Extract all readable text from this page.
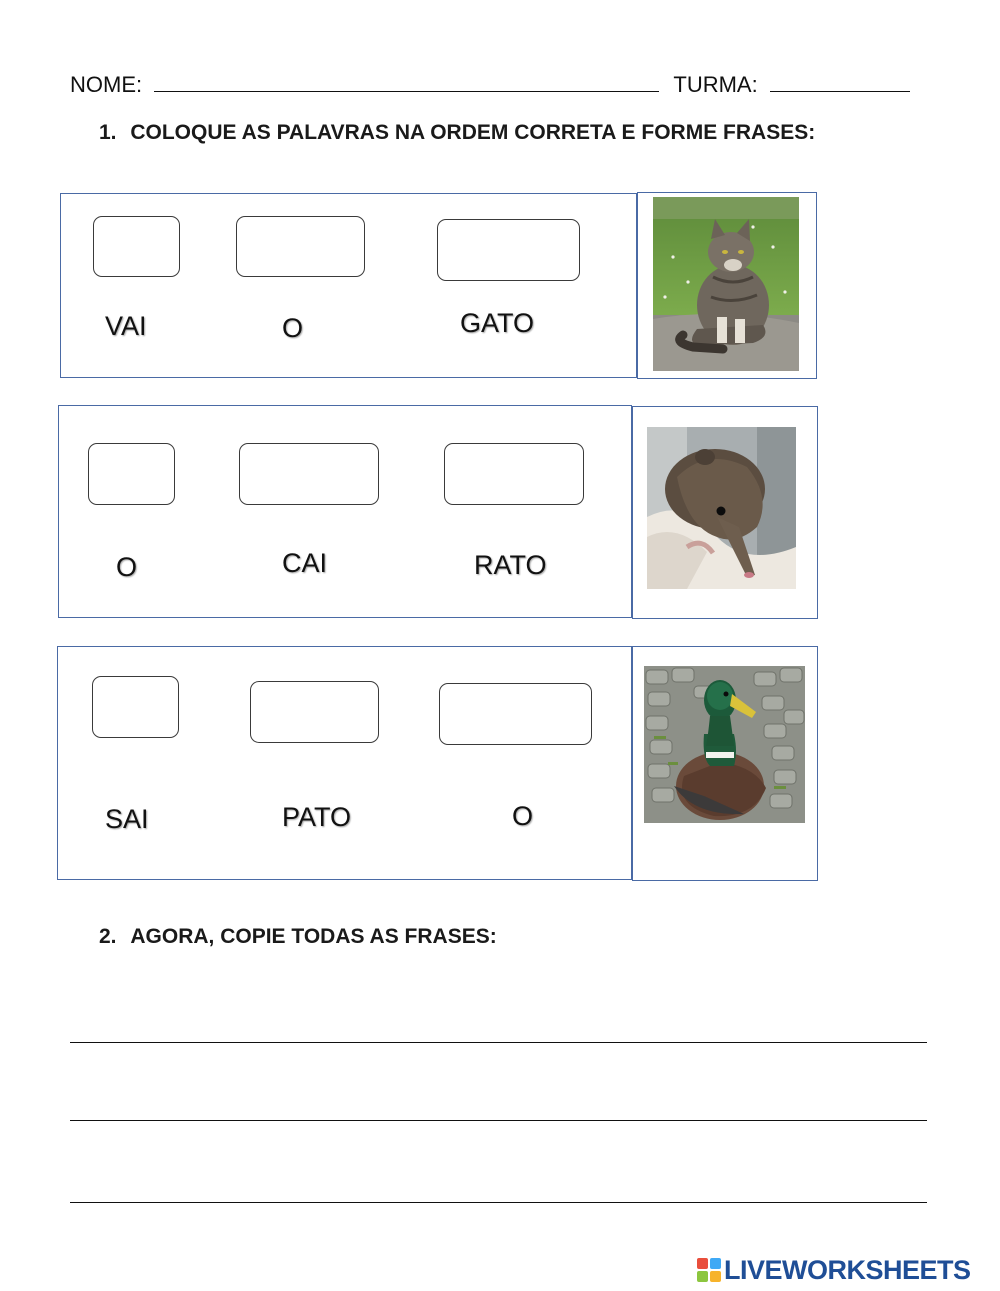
NOME:	TURMA:
1. COLOQUE AS PALAVRAS NA ORDEM CORRETA E FORME FRASES:
VAI	O	GATO
O	CAI	RATO
SAI	PATO	O
2. AGORA, COPIE TODAS AS FRASES:
LIVEWORKSHEETS
